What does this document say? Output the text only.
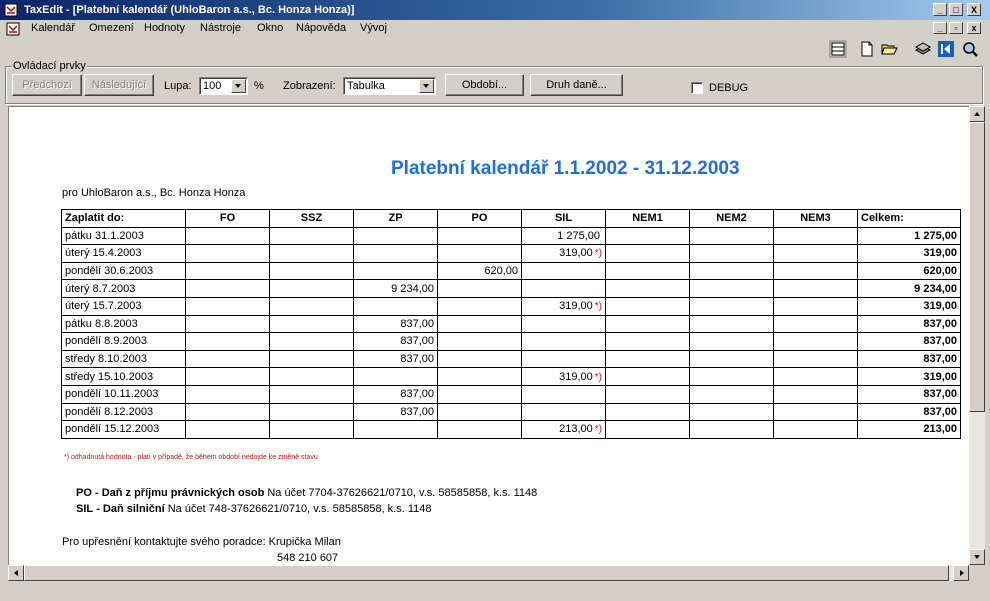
TaxEdit - [Platební kalendář (UhloBaron a.s., Bc. Honza Honza)]	_	□	X
Kalendář Omezení Hodnoty Nástroje Okno Nápověda Vývoj	_	▫	x
Ovládací prvky
Předchozí	Následující	Lupa: 100	% Zobrazení: Tabulka	Období...	Druh daně...	DEBUG
Platební kalendář 1.1.2002 - 31.12.2003
pro UhloBaron a.s., Bc. Honza Honza
Zaplatit do:	FO	SSZ	ZP	PO	SIL	NEM1	NEM2	NEM3	Celkem:
pátku 31.1.2003					1 275,00				1 275,00
úterý 15.4.2003					319,00 *)				319,00
pondělí 30.6.2003				620,00					620,00
úterý 8.7.2003			9 234,00						9 234,00
úterý 15.7.2003					319,00 *)				319,00
pátku 8.8.2003			837,00						837,00
pondělí 8.9.2003			837,00						837,00
středy 8.10.2003			837,00						837,00
středy 15.10.2003					319,00 *)				319,00
pondělí 10.11.2003			837,00						837,00
pondělí 8.12.2003			837,00						837,00
pondělí 15.12.2003					213,00 *)				213,00
*) odhadnutá hodnota - platí v případě, že během období nedojde ke změně stavu
PO - Daň z příjmu právnických osob Na účet 7704-37626621/0710, v.s. 58585858, k.s. 1148
SIL - Daň silniční Na účet 748-37626621/0710, v.s. 58585858, k.s. 1148
Pro upřesnění kontaktujte svého poradce: Krupička Milan
548 210 607
